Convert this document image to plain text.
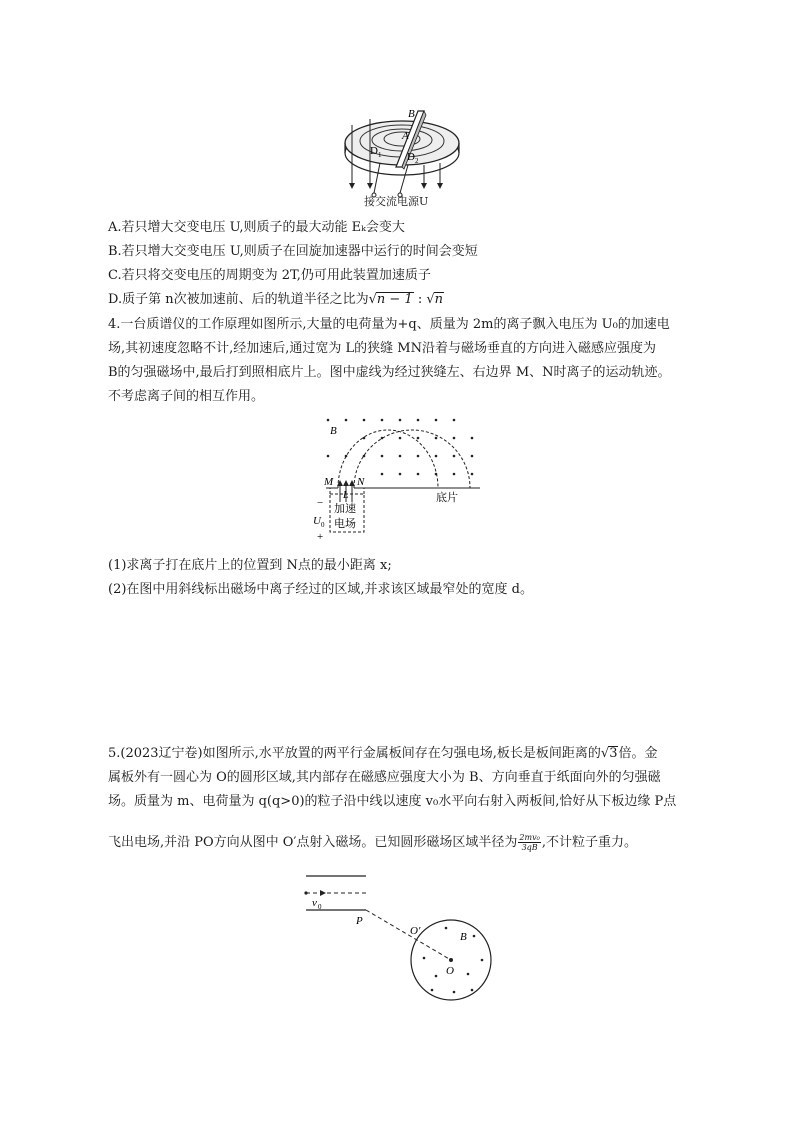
B
A
D 1 D 2
接交流电源U
A.若只增大交变电压 U,则质子的最大动能 Eₖ会变大
B.若只增大交变电压 U,则质子在回旋加速器中运行的时间会变短
C.若只将交变电压的周期变为 2T,仍可用此装置加速质子
D.质子第 n次被加速前、后的轨道半径之比为√n − 1 : √n
4.一台质谱仪的工作原理如图所示,大量的电荷量为+q、质量为 2m的离子飘入电压为 U₀的加速电
场,其初速度忽略不计,经加速后,通过宽为 L的狭缝 MN沿着与磁场垂直的方向进入磁感应强度为
B的匀强磁场中,最后打到照相底片上。图中虚线为经过狭缝左、右边界 M、N时离子的运动轨迹。
不考虑离子间的相互作用。
B
M N
L	底片
加速
电场
U 0
−
+
(1)求离子打在底片上的位置到 N点的最小距离 x;
(2)在图中用斜线标出磁场中离子经过的区域,并求该区域最窄处的宽度 d。
5.(2023辽宁卷)如图所示,水平放置的两平行金属板间存在匀强电场,板长是板间距离的√3倍。金
属板外有一圆心为 O的圆形区域,其内部存在磁感应强度大小为 B、方向垂直于纸面向外的匀强磁
场。质量为 m、电荷量为 q(q>0)的粒子沿中线以速度 v₀水平向右射入两板间,恰好从下板边缘 P点
飞出电场,并沿 PO方向从图中 O′点射入磁场。已知圆形磁场区域半径为 $\frac{\text{2mv₀}}{3qB}$ ,不计粒子重力。
v 0
P
O′	B
O
